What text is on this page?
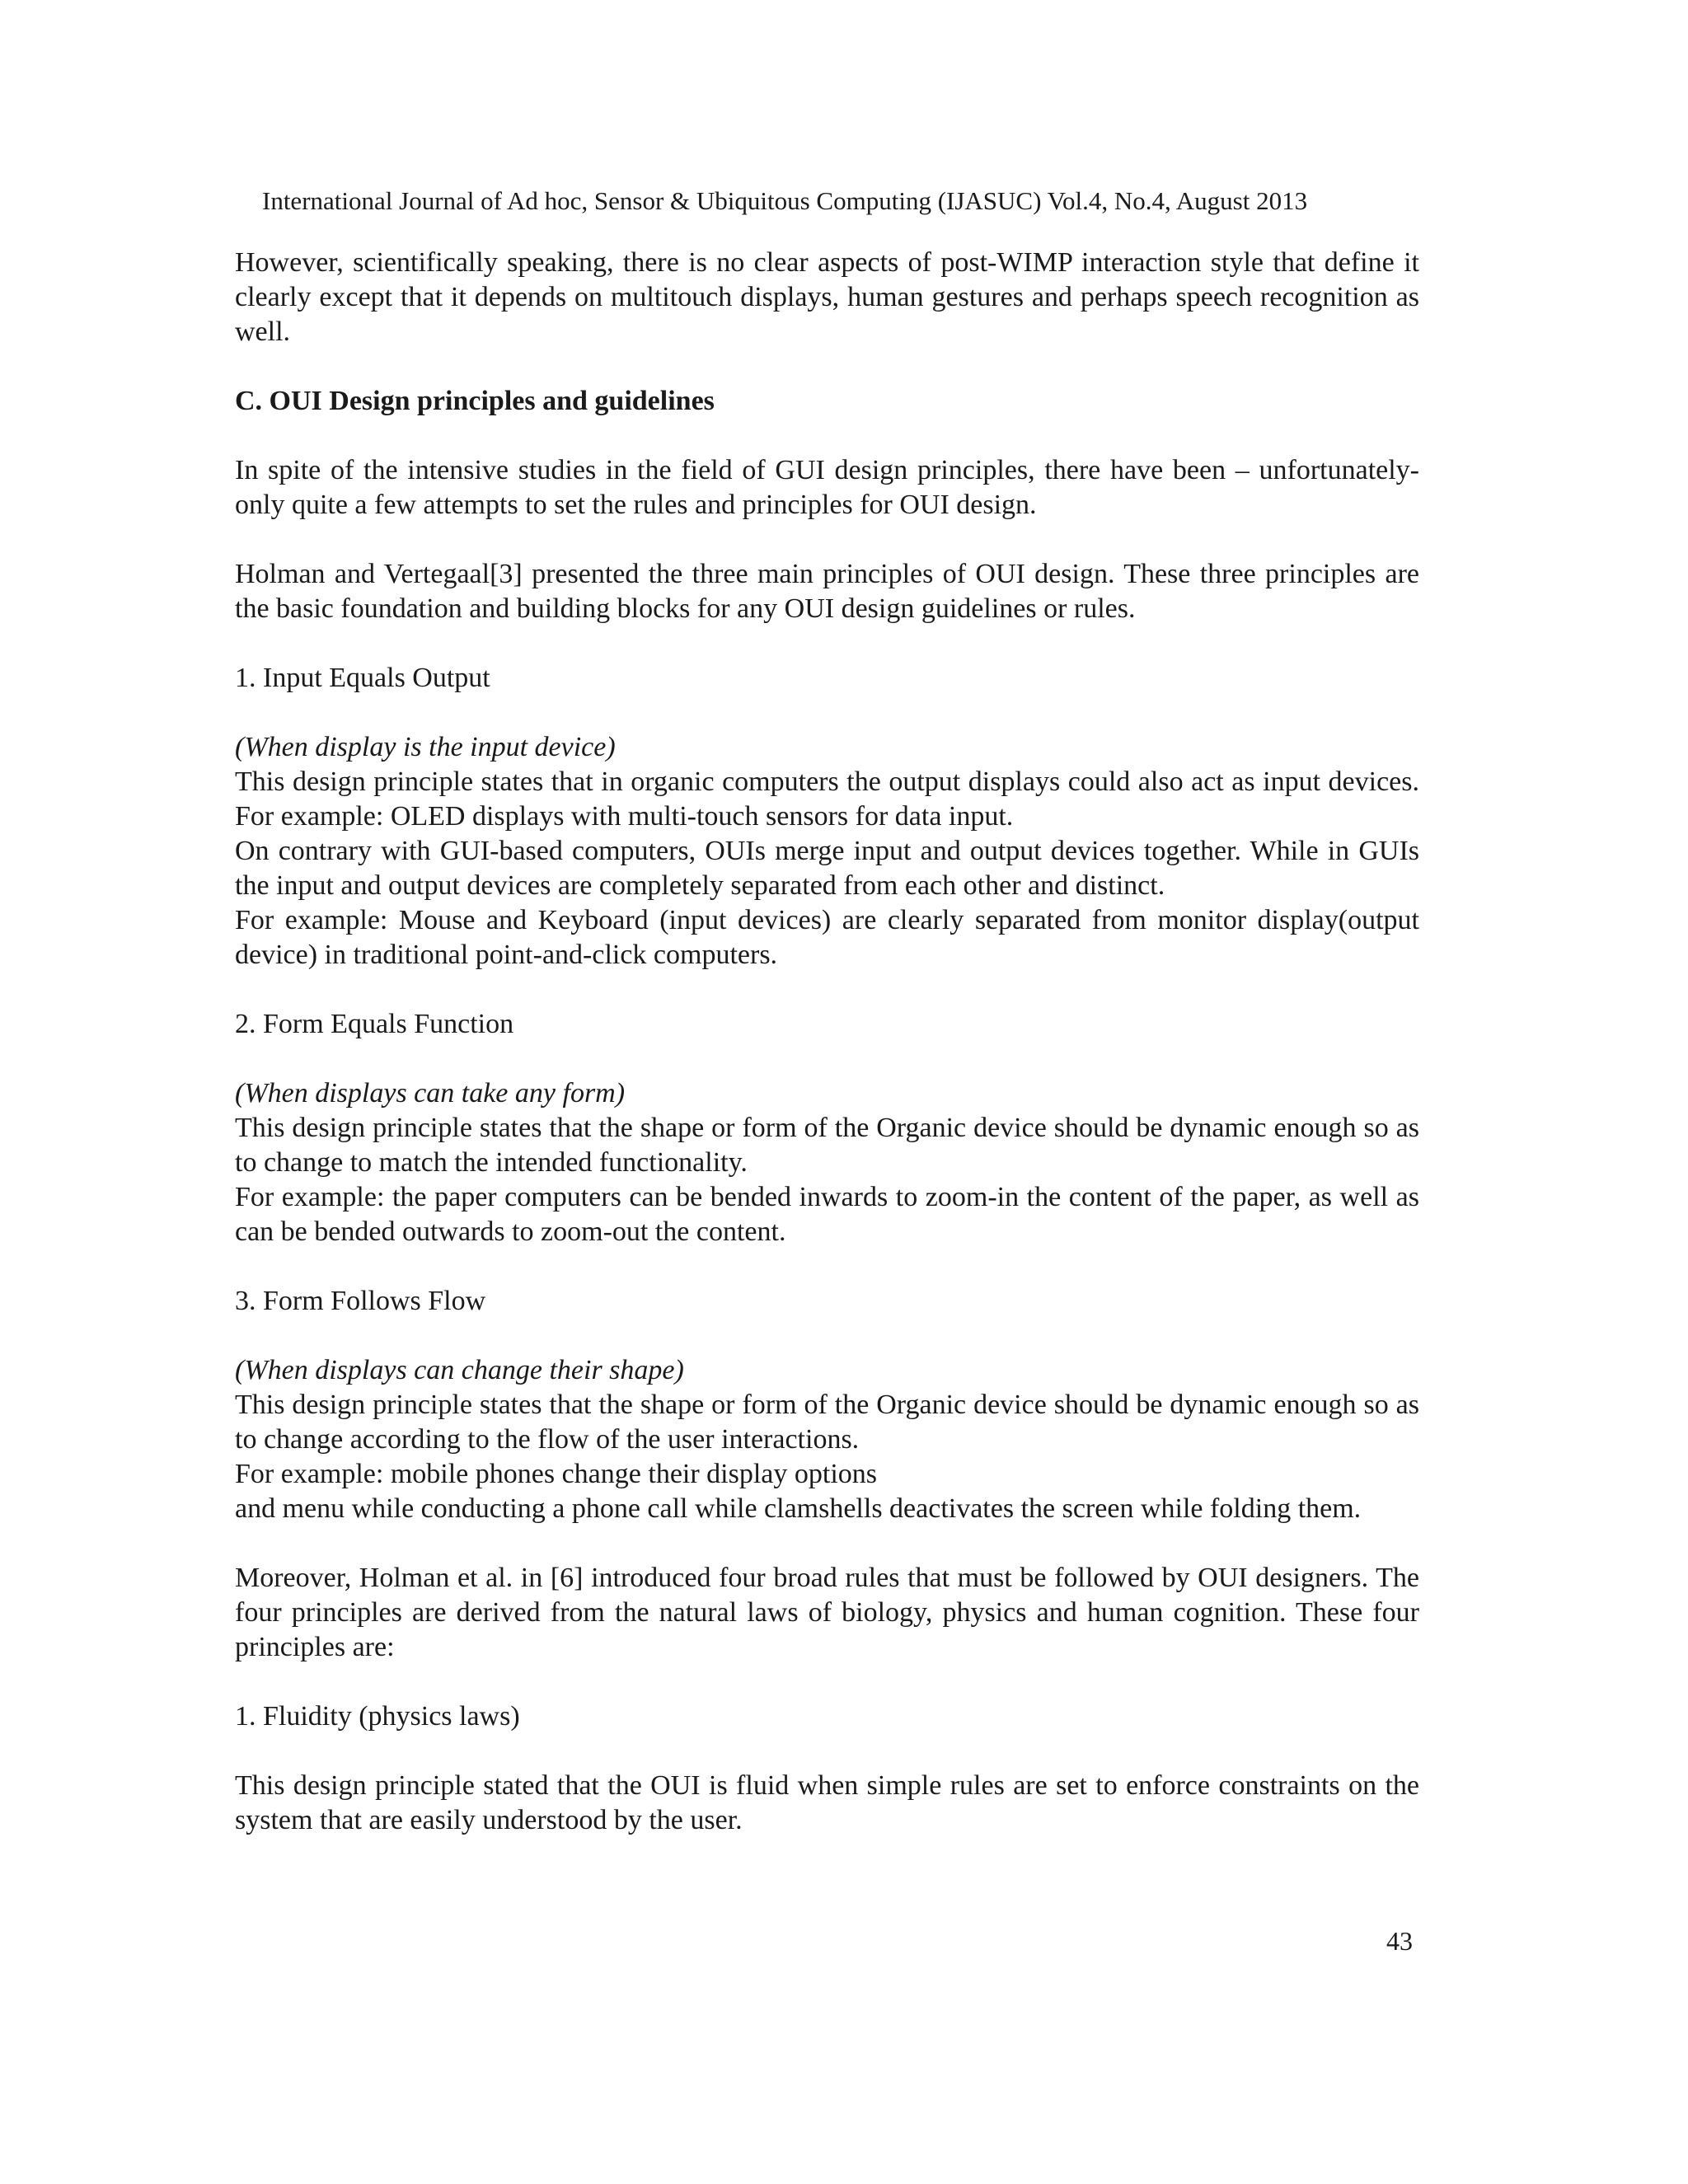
International Journal of Ad hoc, Sensor & Ubiquitous Computing (IJASUC) Vol.4, No.4, August 2013

However, scientifically speaking, there is no clear aspects of post-WIMP interaction style that define it clearly except that it depends on multitouch displays, human gestures and perhaps speech recognition as well.

C. OUI Design principles and guidelines

In spite of the intensive studies in the field of GUI design principles, there have been – unfortunately- only quite a few attempts to set the rules and principles for OUI design.

Holman and Vertegaal[3] presented the three main principles of OUI design. These three principles are the basic foundation and building blocks for any OUI design guidelines or rules.

1. Input Equals Output

(When display is the input device)

This design principle states that in organic computers the output displays could also act as input devices. For example: OLED displays with multi-touch sensors for data input.

On contrary with GUI-based computers, OUIs merge input and output devices together. While in GUIs the input and output devices are completely separated from each other and distinct.

For example: Mouse and Keyboard (input devices) are clearly separated from monitor display(output device) in traditional point-and-click computers.

2. Form Equals Function

(When displays can take any form)

This design principle states that the shape or form of the Organic device should be dynamic enough so as to change to match the intended functionality.

For example: the paper computers can be bended inwards to zoom-in the content of the paper, as well as can be bended outwards to zoom-out the content.

3. Form Follows Flow

(When displays can change their shape)

This design principle states that the shape or form of the Organic device should be dynamic enough so as to change according to the flow of the user interactions.

For example: mobile phones change their display options

and menu while conducting a phone call while clamshells deactivates the screen while folding them.

Moreover, Holman et al. in [6] introduced four broad rules that must be followed by OUI designers. The four principles are derived from the natural laws of biology, physics and human cognition. These four principles are:

1. Fluidity (physics laws)

This design principle stated that the OUI is fluid when simple rules are set to enforce constraints on the system that are easily understood by the user.

43
